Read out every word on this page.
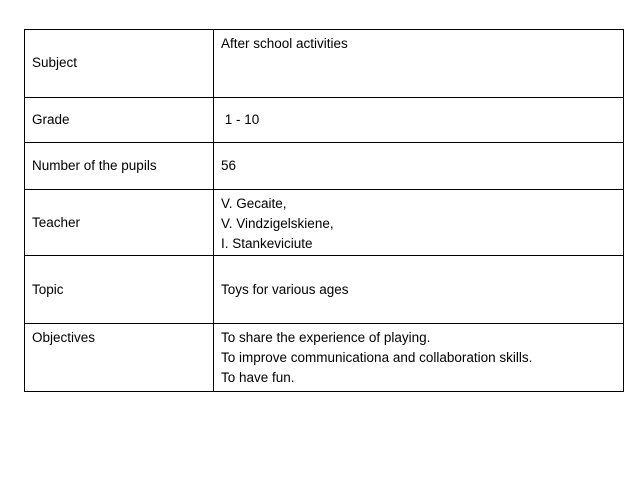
Subject	After school activities

Grade	1 - 10

Number of the pupils	56

Teacher	V. Gecaite,
V. Vindzigelskiene,
I. Stankeviciute

Topic	Toys for various ages

Objectives	To share the experience of playing.
To improve communicationa and collaboration skills.
To have fun.
